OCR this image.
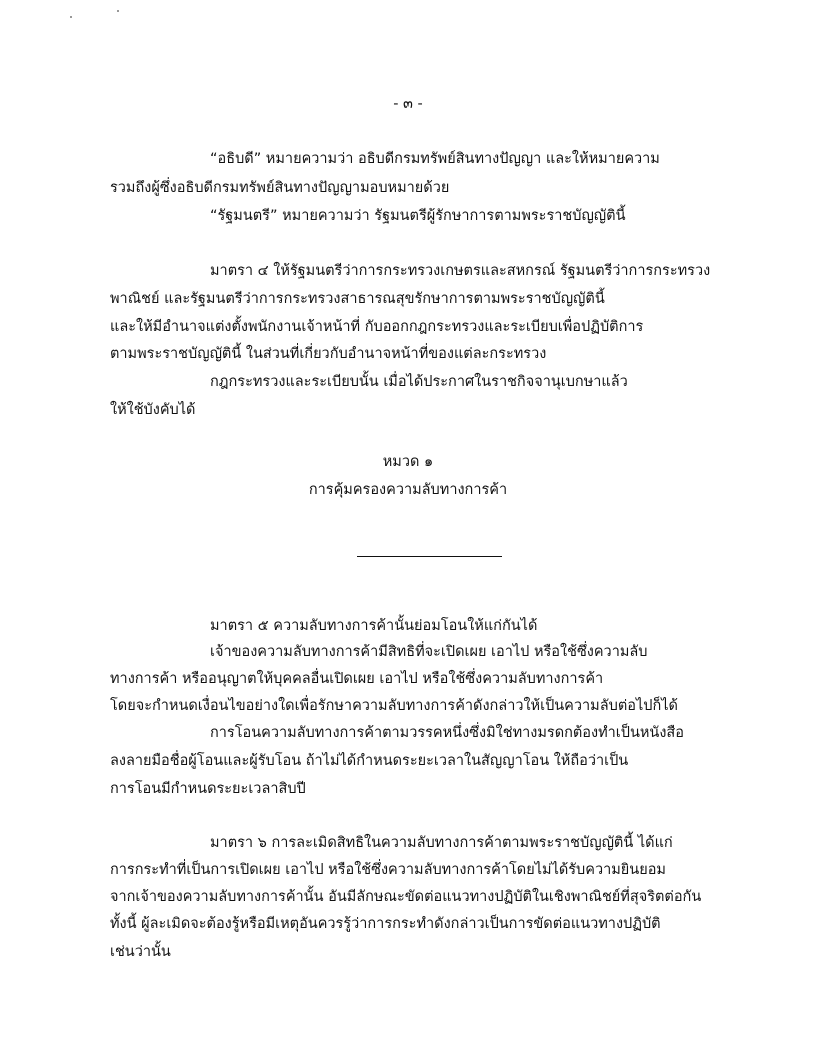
- ๓ -
“อธิบดี” หมายความว่า อธิบดีกรมทรัพย์สินทางปัญญา และให้หมายความ
รวมถึงผู้ซึ่งอธิบดีกรมทรัพย์สินทางปัญญามอบหมายด้วย
“รัฐมนตรี” หมายความว่า รัฐมนตรีผู้รักษาการตามพระราชบัญญัตินี้
มาตรา ๔ ให้รัฐมนตรีว่าการกระทรวงเกษตรและสหกรณ์ รัฐมนตรีว่าการกระทรวง
พาณิชย์ และรัฐมนตรีว่าการกระทรวงสาธารณสุขรักษาการตามพระราชบัญญัตินี้
และให้มีอำนาจแต่งตั้งพนักงานเจ้าหน้าที่ กับออกกฎกระทรวงและระเบียบเพื่อปฏิบัติการ
ตามพระราชบัญญัตินี้ ในส่วนที่เกี่ยวกับอำนาจหน้าที่ของแต่ละกระทรวง
กฎกระทรวงและระเบียบนั้น เมื่อได้ประกาศในราชกิจจานุเบกษาแล้ว
ให้ใช้บังคับได้
หมวด ๑
การคุ้มครองความลับทางการค้า
มาตรา ๕ ความลับทางการค้านั้นย่อมโอนให้แก่กันได้
เจ้าของความลับทางการค้ามีสิทธิที่จะเปิดเผย เอาไป หรือใช้ซึ่งความลับ
ทางการค้า หรืออนุญาตให้บุคคลอื่นเปิดเผย เอาไป หรือใช้ซึ่งความลับทางการค้า
โดยจะกำหนดเงื่อนไขอย่างใดเพื่อรักษาความลับทางการค้าดังกล่าวให้เป็นความลับต่อไปก็ได้
การโอนความลับทางการค้าตามวรรคหนึ่งซึ่งมิใช่ทางมรดกต้องทำเป็นหนังสือ
ลงลายมือชื่อผู้โอนและผู้รับโอน ถ้าไม่ได้กำหนดระยะเวลาในสัญญาโอน ให้ถือว่าเป็น
การโอนมีกำหนดระยะเวลาสิบปี
มาตรา ๖ การละเมิดสิทธิในความลับทางการค้าตามพระราชบัญญัตินี้ ได้แก่
การกระทำที่เป็นการเปิดเผย เอาไป หรือใช้ซึ่งความลับทางการค้าโดยไม่ได้รับความยินยอม
จากเจ้าของความลับทางการค้านั้น อันมีลักษณะขัดต่อแนวทางปฏิบัติในเชิงพาณิชย์ที่สุจริตต่อกัน
ทั้งนี้ ผู้ละเมิดจะต้องรู้หรือมีเหตุอันควรรู้ว่าการกระทำดังกล่าวเป็นการขัดต่อแนวทางปฏิบัติ
เช่นว่านั้น
